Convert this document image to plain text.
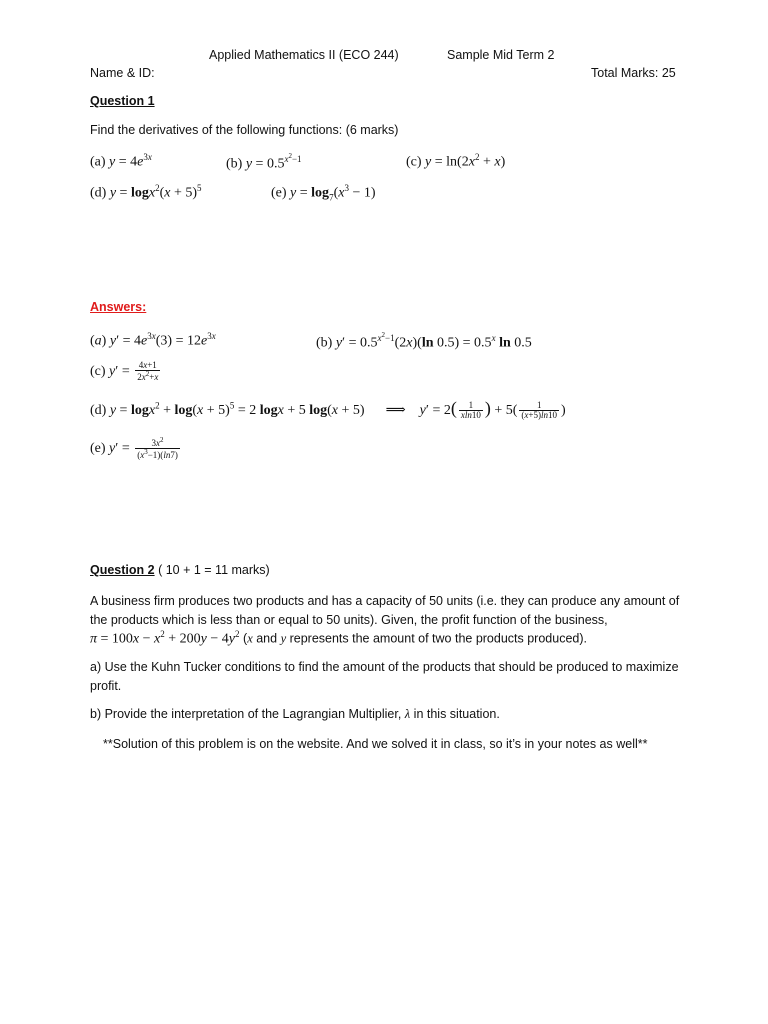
Applied Mathematics II (ECO 244)	Sample Mid Term 2
Name & ID:	Total Marks: 25
Question 1
Find the derivatives of the following functions: (6 marks)
(a) $y = 4e^{3x}$	(b) $y = 0.5^{x^2-1}$	(c) $y = \ln(2x^2 + x)$
(d) $y = \log x^2(x + 5)^5$	(e) $y = \log_7(x^3 - 1)$
Answers:
(a) $y' = 4e^{3x}(3) = 12e^{3x}$	(b) $y' = 0.5^{x^2-1}(2x)(\ln$ $0.5) = 0.5^x$ ln 0.5
(c) $y' = \frac{4x+1}{2x^2+x}$
(d) $y = \log x^2 + \log(x + 5)^5 = 2$ logx + 5 log(x + 5)      ⟹    $y' = 2( \frac{1}{xln10}$ ) + $5( \frac{1}{(x+5)\ln 10}$ )
(e) $y' = \frac{3x^2}{(x^3-1)(\ln 7)}$
Question 2 ( 10 + 1 = 11 marks)
A business firm produces two products and has a capacity of 50 units (i.e. they can produce any amount of the products which is less than or equal to 50 units). Given, the profit function of the business,
$\pi = 100x - x^2 + 200y - 4y^2$ (x and y represents the amount of two the products produced).
a) Use the Kuhn Tucker conditions to find the amount of the products that should be produced to maximize profit.
b) Provide the interpretation of the Lagrangian Multiplier, λ in this situation.
**Solution of this problem is on the website. And we solved it in class, so it’s in your notes as well**
